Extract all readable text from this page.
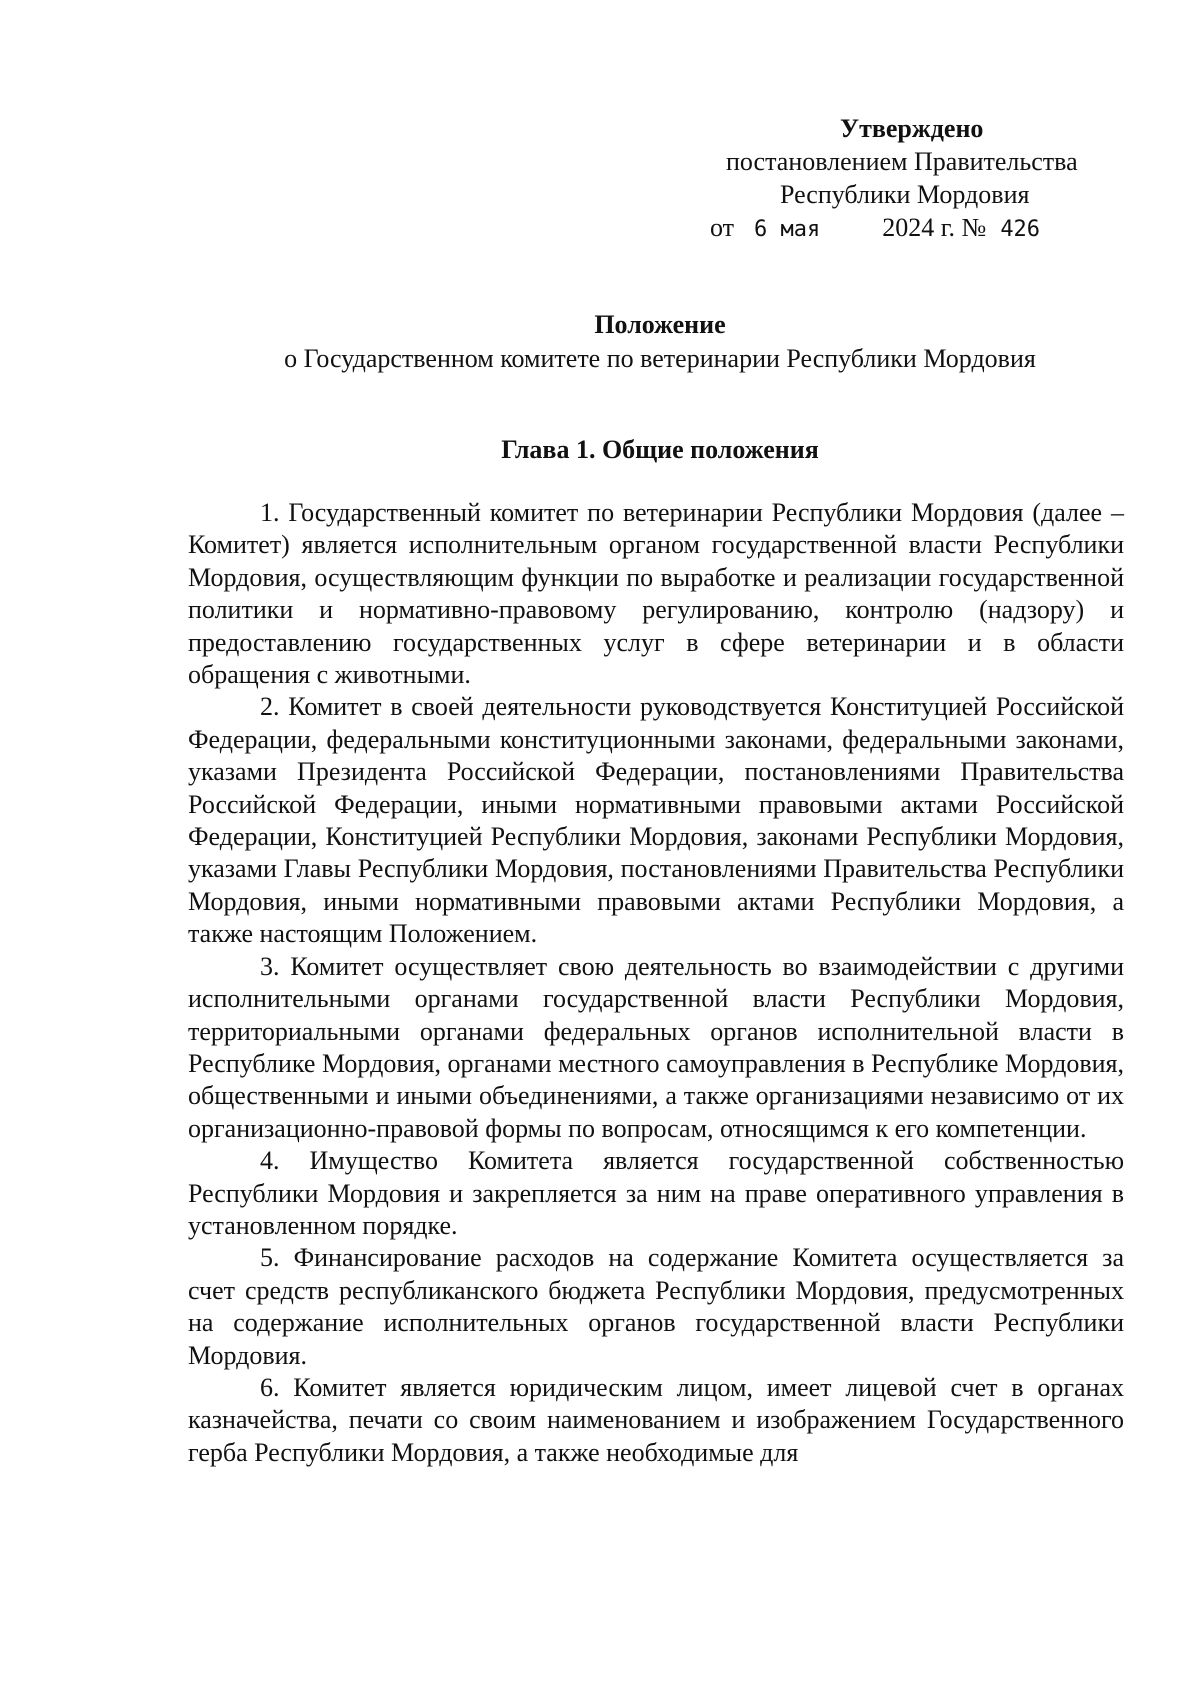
Утверждено
постановлением Правительства
Республики Мордовия
от 6 мая 2024 г. № 426
Положение
о Государственном комитете по ветеринарии Республики Мордовия
Глава 1. Общие положения

1. Государственный комитет по ветеринарии Республики Мордовия (далее – Комитет) является исполнительным органом государственной власти Республики Мордовия, осуществляющим функции по выработке и реализации государственной политики и нормативно-правовому регулированию, контролю (надзору) и предоставлению государственных услуг в сфере ветеринарии и в области обращения с животными.

2. Комитет в своей деятельности руководствуется Конституцией Российской Федерации, федеральными конституционными законами, федеральными законами, указами Президента Российской Федерации, постановлениями Правительства Российской Федерации, иными нормативными правовыми актами Российской Федерации, Конституцией Республики Мордовия, законами Республики Мордовия, указами Главы Республики Мордовия, постановлениями Правительства Республики Мордовия, иными нормативными правовыми актами Республики Мордовия, а также настоящим Положением.

3. Комитет осуществляет свою деятельность во взаимодействии с другими исполнительными органами государственной власти Республики Мордовия, территориальными органами федеральных органов исполнительной власти в Республике Мордовия, органами местного самоуправления в Республике Мордовия, общественными и иными объединениями, а также организациями независимо от их организационно-правовой формы по вопросам, относящимся к его компетенции.

4. Имущество Комитета является государственной собственностью Республики Мордовия и закрепляется за ним на праве оперативного управления в установленном порядке.

5. Финансирование расходов на содержание Комитета осуществляется за счет средств республиканского бюджета Республики Мордовия, предусмотренных на содержание исполнительных органов государственной власти Республики Мордовия.

6. Комитет является юридическим лицом, имеет лицевой счет в органах казначейства, печати со своим наименованием и изображением Государственного герба Республики Мордовия, а также необходимые для
